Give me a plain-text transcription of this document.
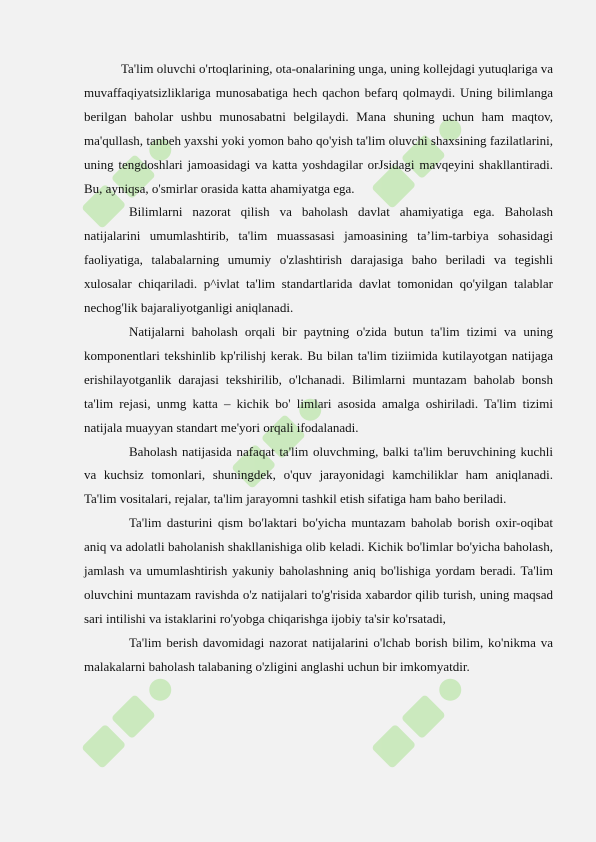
Ta'lim oluvchi o'rtoqlarining, ota-onalarining unga, uning kollejdagi yutuqlariga va muvaffaqiyatsizliklariga munosabatiga hech qachon befarq qolmaydi. Uning bilimlanga berilgan baholar ushbu munosabatni belgilaydi. Mana shuning uchun ham maqtov, ma'qullash, tanbeh yaxshi yoki yomon baho qo'yish ta'lim oluvchi shaxsining fazilatlarini, uning tengdoshlari jamoasidagi va katta yoshdagilar orJsidagi mavqeyini shakllantiradi. Bu, ayniqsa, o'smirlar orasida katta ahamiyatga ega.

Bilimlarni nazorat qilish va baholash davlat ahamiyatiga ega. Baholash natijalarini umumlashtirib, ta'lim muassasasi jamoasining ta’lim-tarbiya sohasidagi faoliyatiga, talabalarning umumiy o'zlashtirish darajasiga baho beriladi va tegishli xulosalar chiqariladi. p^ivlat ta'lim standartlarida davlat tomonidan qo'yilgan talablar nechog'lik bajaraliyotganligi aniqlanadi.

Natijalarni baholash orqali bir paytning o'zida butun ta'lim tizimi va uning komponentlari tekshinlib kp'rilishj kerak. Bu bilan ta'lim tiziimida kutilayotgan natijaga erishilayotganlik darajasi tekshirilib, o'lchanadi. Bilimlarni muntazam baholab bonsh ta'lim rejasi, unmg katta – kichik bo' limlari asosida amalga oshiriladi. Ta'lim tizimi natijala muayyan standart me'yori orqali ifodalanadi.

Baholash natijasida nafaqat ta'lim oluvchming, balki ta'lim beruvchining kuchli va kuchsiz tomonlari, shuningdek, o'quv jarayonidagi kamchiliklar ham aniqlanadi. Ta'lim vositalari, rejalar, ta'lim jarayomni tashkil etish sifatiga ham baho beriladi.

Ta'lim dasturini qism bo'laktari bo'yicha muntazam baholab borish oxir-oqibat aniq va adolatli baholanish shakllanishiga olib keladi. Kichik bo'limlar bo'yicha baholash, jamlash va umumlashtirish yakuniy baholashning aniq bo'lishiga yordam beradi. Ta'lim oluvchini muntazam ravishda o'z natijalari to'g'risida xabardor qilib turish, uning maqsad sari intilishi va istaklarini ro'yobga chiqarishga ijobiy ta'sir ko'rsatadi,

Ta'lim berish davomidagi nazorat natijalarini o'lchab borish bilim, ko'nikma va malakalarni baholash talabaning o'zligini anglashi uchun bir imkomyatdir.
